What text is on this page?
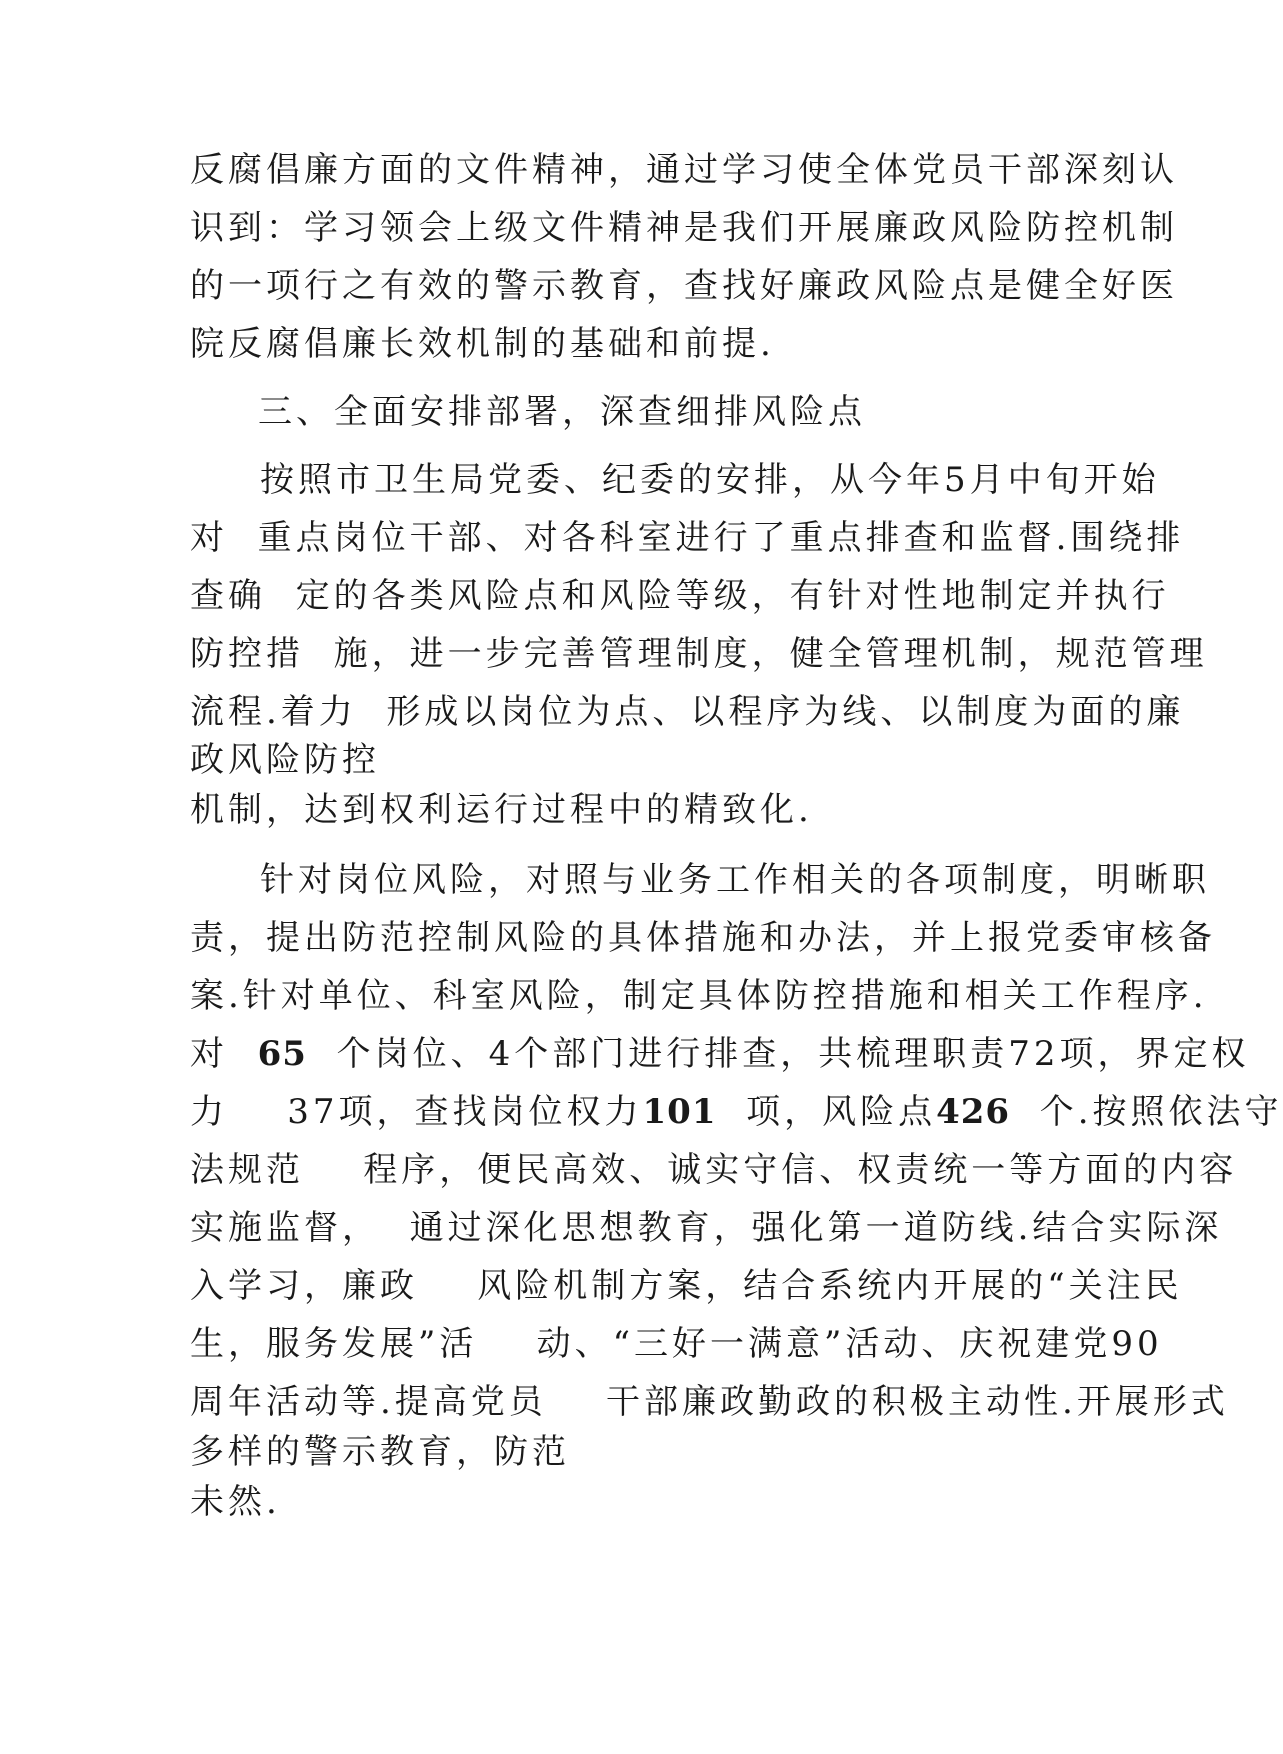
反腐倡廉方面的文件精神，通过学习使全体党员干部深刻认

识到：学习领会上级文件精神是我们开展廉政风险防控机制

的一项行之有效的警示教育，查找好廉政风险点是健全好医

院反腐倡廉长效机制的基础和前提.

三、全面安排部署，深查细排风险点

按照市卫生局党委、纪委的安排，从今年5月中旬开始

对  重点岗位干部、对各科室进行了重点排查和监督.围绕排

查确  定的各类风险点和风险等级，有针对性地制定并执行

防控措  施，进一步完善管理制度，健全管理机制，规范管理

流程.着力  形成以岗位为点、以程序为线、以制度为面的廉

政风险防控

机制，达到权利运行过程中的精致化.

针对岗位风险，对照与业务工作相关的各项制度，明晰职

责，提出防范控制风险的具体措施和办法，并上报党委审核备

案.针对单位、科室风险，制定具体防控措施和相关工作程序.

对  65  个岗位、4个部门进行排查，共梳理职责72项，界定权

力    37项，查找岗位权力101  项，风险点426  个.按照依法守

法规范    程序，便民高效、诚实守信、权责统一等方面的内容

实施监督，  通过深化思想教育，强化第一道防线.结合实际深

入学习，廉政    风险机制方案，结合系统内开展的“关注民

生，服务发展”活    动、“三好一满意”活动、庆祝建党90

周年活动等.提高党员    干部廉政勤政的积极主动性.开展形式

多样的警示教育，防范

未然.
